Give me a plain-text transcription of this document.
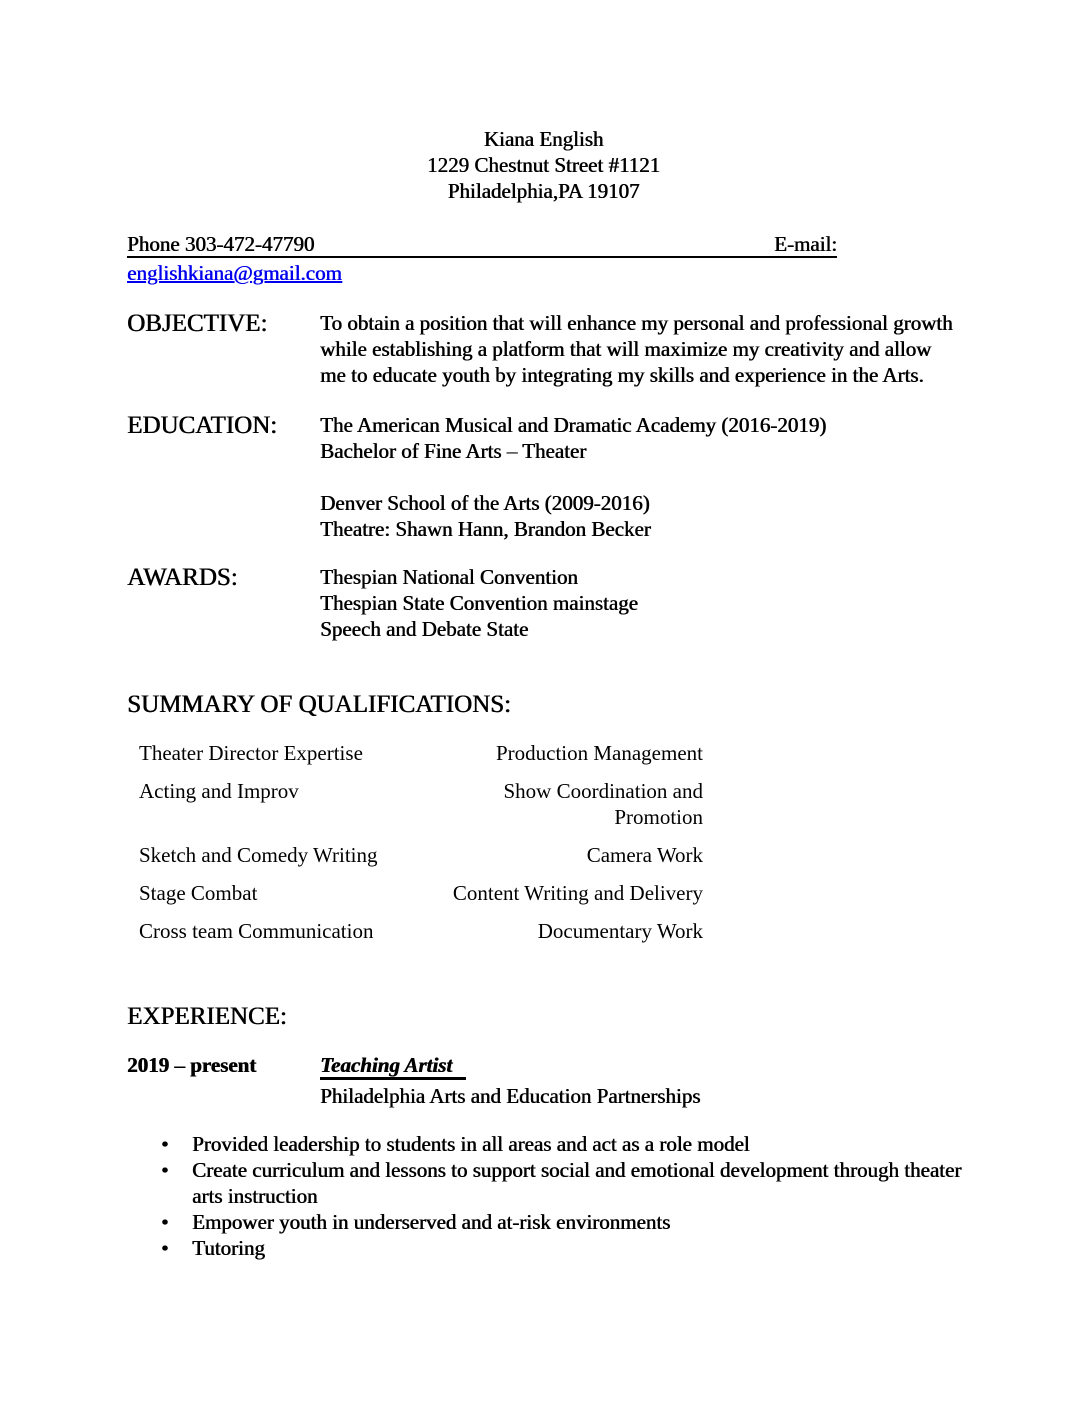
Kiana English
1229 Chestnut Street #1121
Philadelphia,PA 19107
Phone 303-472-47790	E-mail:
englishkiana@gmail.com
OBJECTIVE:	To obtain a position that will enhance my personal and professional growth while establishing a platform that will maximize my creativity and allow me to educate youth by integrating my skills and experience in the Arts.
EDUCATION:	The American Musical and Dramatic Academy (2016-2019)
Bachelor of Fine Arts – Theater
Denver School of the Arts (2009-2016)
Theatre: Shawn Hann, Brandon Becker
AWARDS:	Thespian National Convention
Thespian State Convention mainstage
Speech and Debate State
SUMMARY OF QUALIFICATIONS:
Theater Director Expertise	Production Management
Acting and Improv	Show Coordination and Promotion
Sketch and Comedy Writing	Camera Work
Stage Combat	Content Writing and Delivery
Cross team Communication	Documentary Work
EXPERIENCE:
2019 – present	Teaching Artist
Philadelphia Arts and Education Partnerships
• Provided leadership to students in all areas and act as a role model
• Create curriculum and lessons to support social and emotional development through theater arts instruction
• Empower youth in underserved and at-risk environments
• Tutoring
